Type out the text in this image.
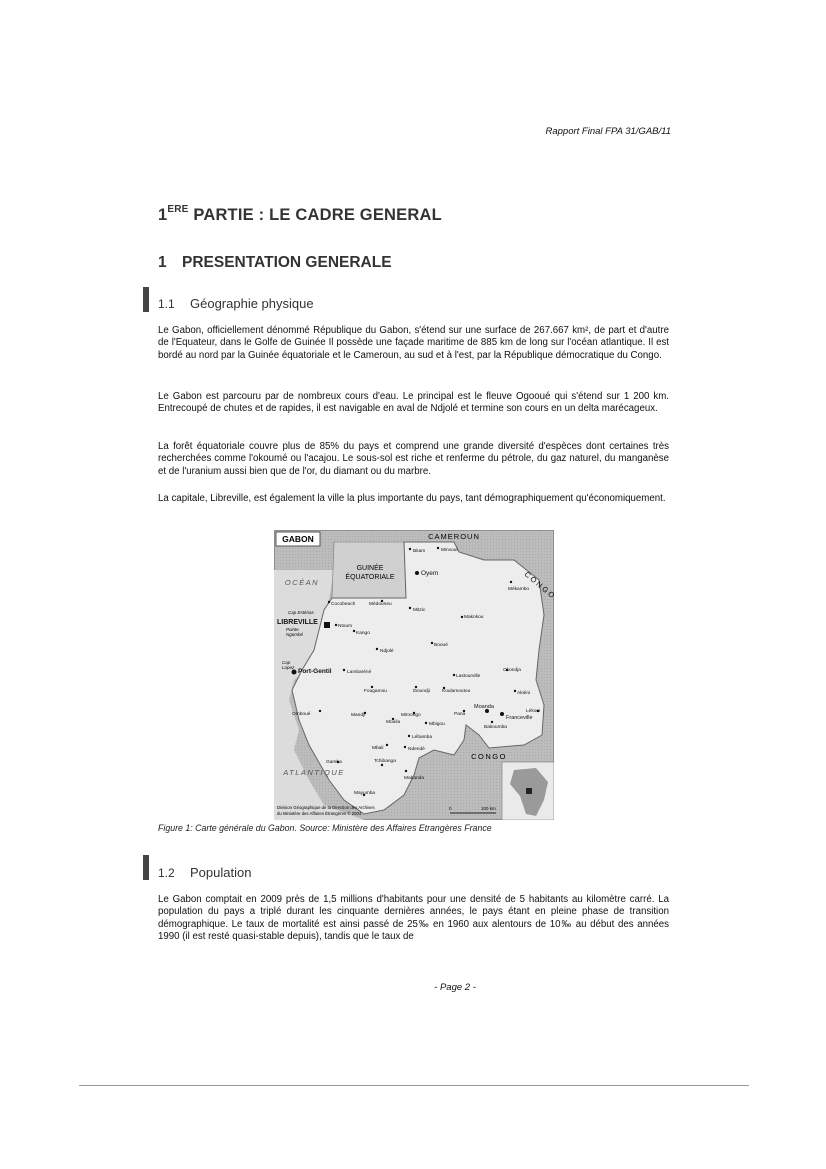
Rapport Final FPA 31/GAB/11
1ERE PARTIE : LE CADRE GENERAL
1 PRESENTATION GENERALE
1.1 Géographie physique
Le Gabon, officiellement dénommé République du Gabon, s'étend sur une surface de 267.667 km², de part et d'autre de l'Equateur, dans le Golfe de Guinée Il possède une façade maritime de 885 km de long sur l'océan atlantique. Il est bordé au nord par la Guinée équatoriale et le Cameroun, au sud et à l'est, par la République démocratique du Congo.
Le Gabon est parcouru par de nombreux cours d'eau. Le principal est le fleuve Ogooué qui s'étend sur 1 200 km. Entrecoupé de chutes et de rapides, il est navigable en aval de Ndjolé et termine son cours en un delta marécageux.
La forêt équatoriale couvre plus de 85% du pays et comprend une grande diversité d'espèces dont certaines très recherchées comme l'okoumé ou l'acajou. Le sous-sol est riche et renferme du pétrole, du gaz naturel, du manganèse et de l'uranium aussi bien que de l'or, du diamant ou du marbre.
La capitale, Libreville, est également la ville la plus importante du pays, tant démographiquement qu'économiquement.
GABON	CAMEROUN
GUINÉE
ÉQUATORIALE	CONGO
CONGO
OCÉAN
ATLANTIQUE
Cap Estérias
Pointe
Ngombé
Cap
Lopez
Bitam	Minvoul
Oyem
Mékambo
Cocobeach	Médouneu
Mitzic
Makokou
LIBREVILLE
Ntoum
Kango
Booué
Ndjolé
Port-Gentil	Lambaréné
Lastourville
Okondja
Fougamou	Iboundji	Koulamoutou	Akiéni
Omboué	Mandji	Mimongo	Pana
Moanda
Franceville
Lékoni
Mouila	Mbigou
Bakoumba
Lébamba
Mbali	Ndendé
Gamba	Tchibanga
Mabanda
Mayumba
Division Géographique de la Direction des Archives
du Ministère des Affaires Étrangères © 2004
0	100 km
Figure 1: Carte générale du Gabon. Source: Ministère des Affaires Etrangères France
1.2 Population
Le Gabon comptait en 2009 près de 1,5 millions d'habitants pour une densité de 5 habitants au kilomètre carré. La population du pays a triplé durant les cinquante dernières années, le pays étant en pleine phase de transition démographique. Le taux de mortalité est ainsi passé de 25‰ en 1960 aux alentours de 10‰ au début des années 1990 (il est resté quasi-stable depuis), tandis que le taux de
- Page 2 -
